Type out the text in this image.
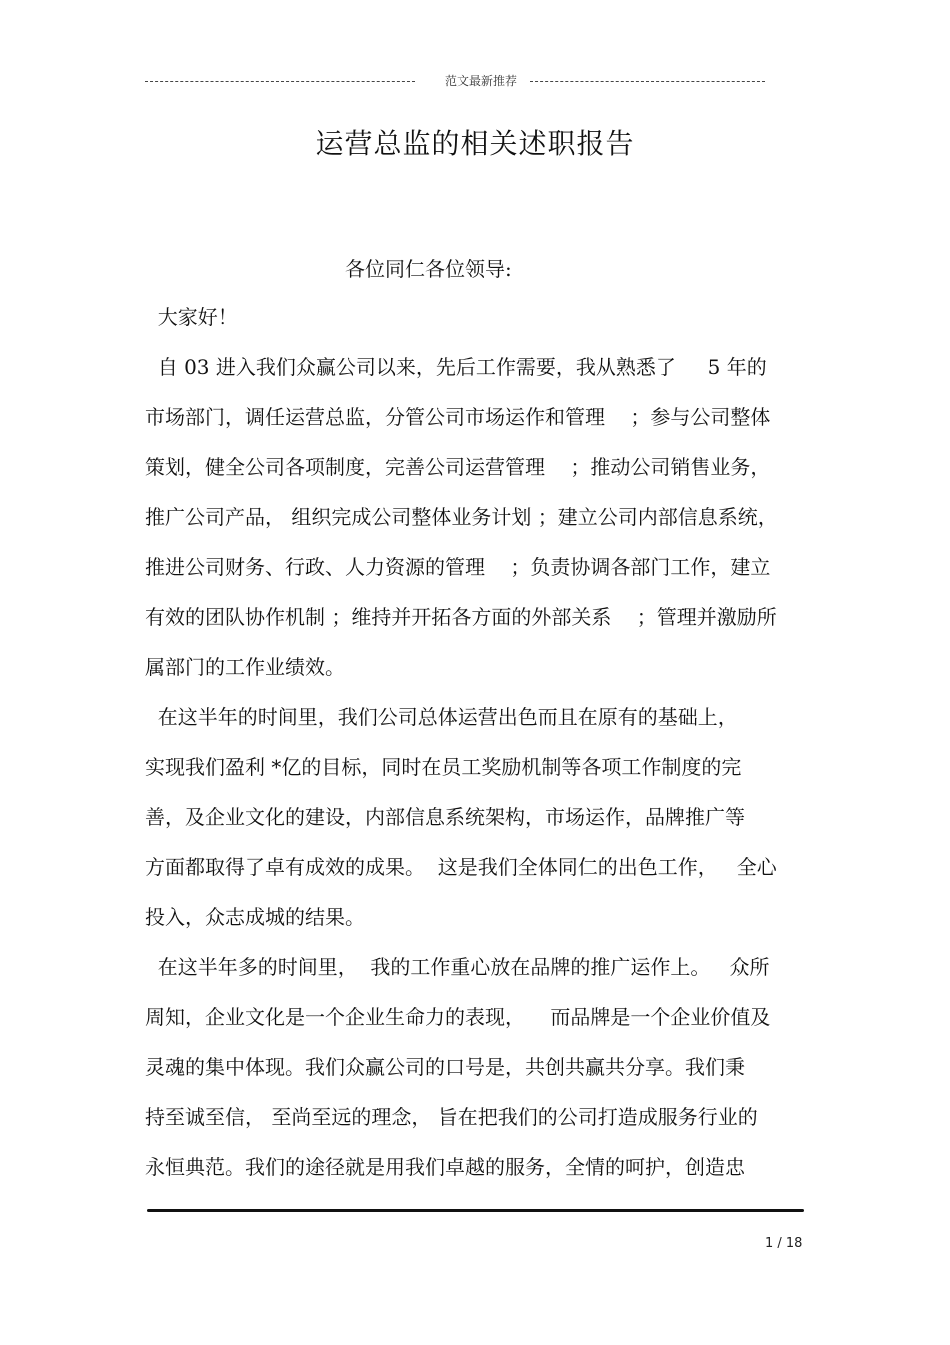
范文最新推荐
运营总监的相关述职报告
各位同仁各位领导:
大家好！
自 03 进入我们众赢公司以来，先后工作需要，我从熟悉了     5 年的
市场部门，调任运营总监，分管公司市场运作和管理    ；参与公司整体
策划，健全公司各项制度，完善公司运营管理    ；推动公司销售业务，
推广公司产品， 组织完成公司整体业务计划 ；建立公司内部信息系统，
推进公司财务、行政、人力资源的管理    ；负责协调各部门工作，建立
有效的团队协作机制 ；维持并开拓各方面的外部关系    ；管理并激励所
属部门的工作业绩效。
在这半年的时间里，我们公司总体运营出色而且在原有的基础上，
实现我们盈利 *亿的目标，同时在员工奖励机制等各项工作制度的完
善，及企业文化的建设，内部信息系统架构，市场运作，品牌推广等
方面都取得了卓有成效的成果。  这是我们全体同仁的出色工作，   全心
投入，众志成城的结果。
在这半年多的时间里，  我的工作重心放在品牌的推广运作上。   众所
周知，企业文化是一个企业生命力的表现，    而品牌是一个企业价值及
灵魂的集中体现。我们众赢公司的口号是，共创共赢共分享。我们秉
持至诚至信， 至尚至远的理念， 旨在把我们的公司打造成服务行业的
永恒典范。我们的途径就是用我们卓越的服务，全情的呵护，创造忠
1 / 18
